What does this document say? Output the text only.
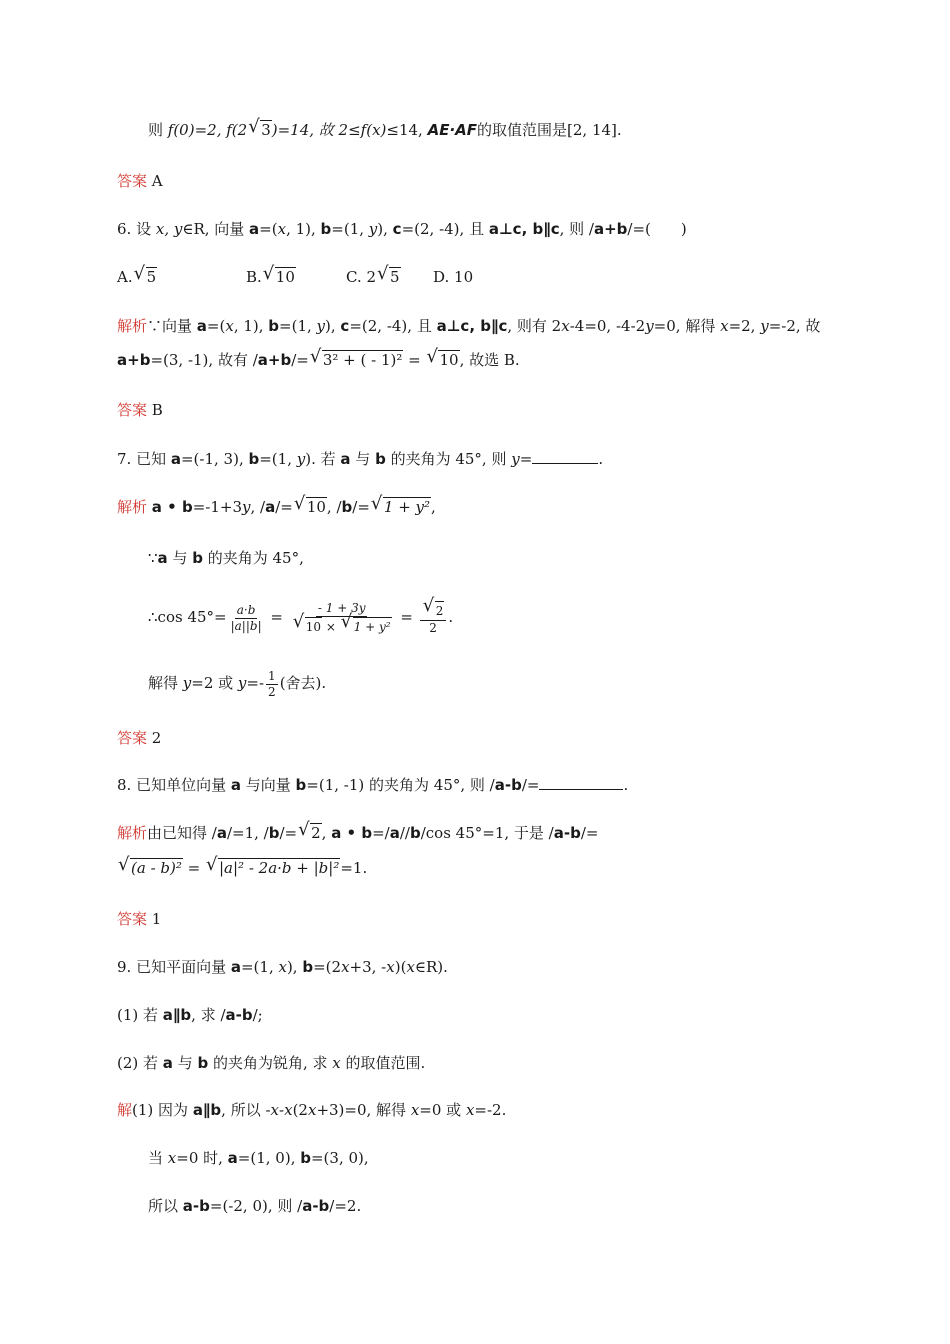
则 f(0)=2, f(2 √ 3)=14, 故 2≤f(x)≤14, AE·AF的取值范围是[2, 14].
答案 A
6. 设 x, y∈R, 向量 a=(x, 1), b=(1, y), c=(2, -4), 且 a⊥c, b∥c, 则 /a+b/=(　　)
A. √ 5	B. √ 10	C. 2 √ 5 D. 10
解析∵向量 a=(x, 1), b=(1, y), c=(2, -4), 且 a⊥c, b∥c, 则有 2x-4=0, -4-2y=0, 解得 x=2, y=-2, 故
a+b=(3, -1), 故有 /a+b/= √ 3² + ( - 1)² = √ 10, 故选 B.
答案 B
7. 已知 a=(-1, 3), b=(1, y). 若 a 与 b 的夹角为 45°, 则 y=	.
解析 a • b=-1+3y, /a/= √ 10, /b/= √ 1 + y²,
∵a 与 b 的夹角为 45°,
∴cos $45^\circ= \frac{a\cdot b}{|a||b|}$ = - 1 + 3y
√ 10 × √ 1 + y² = √ $\frac{2}{2}$ .
解得 y=2 或 $y=- \frac{1}{2}$ (舍去).
答案 2
8. 已知单位向量 a 与向量 b=(1, -1) 的夹角为 45°, 则 /a-b/=	.
解析由已知得 /a/=1, /b/= √ 2, a • b=/a//b/cos 45°=1, 于是 /a-b/=
√ (a - b)² = √ |a|² - 2a·b + |b|²=1.
答案 1
9. 已知平面向量 a=(1, x), b=(2x+3, -x)(x∈R).
(1) 若 a∥b, 求 /a-b/;
(2) 若 a 与 b 的夹角为锐角, 求 x 的取值范围.
解(1) 因为 a∥b, 所以 -x-x(2x+3)=0, 解得 x=0 或 x=-2.
当 x=0 时, a=(1, 0), b=(3, 0),
所以 a-b=(-2, 0), 则 /a-b/=2.
